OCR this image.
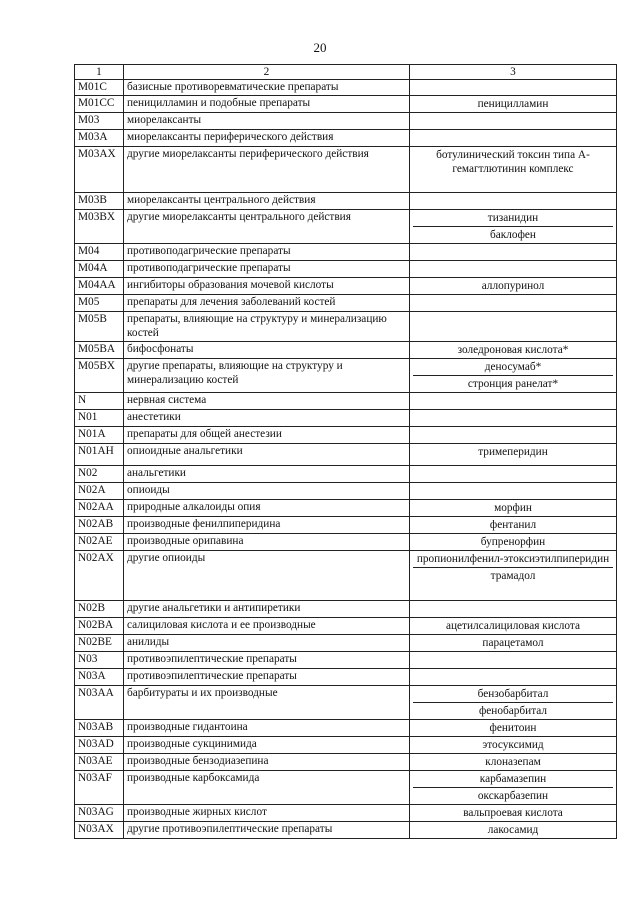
20
1	2	3
M01C	базисные противоревматические препараты	
M01CC	пеницилламин и подобные препараты	пеницилламин

M03	миорелаксанты	
M03A	миорелаксанты периферического действия	
M03AX	другие миорелаксанты периферического действия	ботулинический токсин типа А-гемагтлютинин комплекс

M03B	миорелаксанты центрального действия	
M03BX	другие миорелаксанты центрального действия	тизанидин
баклофен

M04	противоподагрические препараты	
M04A	противоподагрические препараты	
M04AA	ингибиторы образования мочевой кислоты	аллопуринол

M05	препараты для лечения заболеваний костей	
M05B	препараты, влияющие на структуру и минерализацию костей	
M05BA	бифосфонаты	золедроновая кислота*

M05BX	другие препараты, влияющие на структуру и минерализацию костей	деносумаб*
стронция ранелат*

N	нервная система	
N01	анестетики	
N01A	препараты для общей анестезии	
N01AH	опиоидные анальгетики	тримеперидин

N02	анальгетики	
N02A	опиоиды	
N02AA	природные алкалоиды опия	морфин

N02AB	производные фенилпиперидина	фентанил

N02AE	производные орипавина	бупренорфин

N02AX	другие опиоиды	пропионилфенил-этоксиэтилпиперидин
трамадол

N02B	другие анальгетики и антипиретики	
N02BA	салициловая кислота и ее производные	ацетилсалициловая кислота

N02BE	анилиды	парацетамол

N03	противоэпилептические препараты	
N03A	противоэпилептические препараты	
N03AA	барбитураты и их производные	бензобарбитал
фенобарбитал

N03AB	производные гидантоина	фенитоин

N03AD	производные сукцинимида	этосуксимид

N03AE	производные бензодиазепина	клоназепам

N03AF	производные карбоксамида	карбамазепин
окскарбазепин

N03AG	производные жирных кислот	вальпроевая кислота

N03AX	другие противоэпилептические препараты	лакосамид
